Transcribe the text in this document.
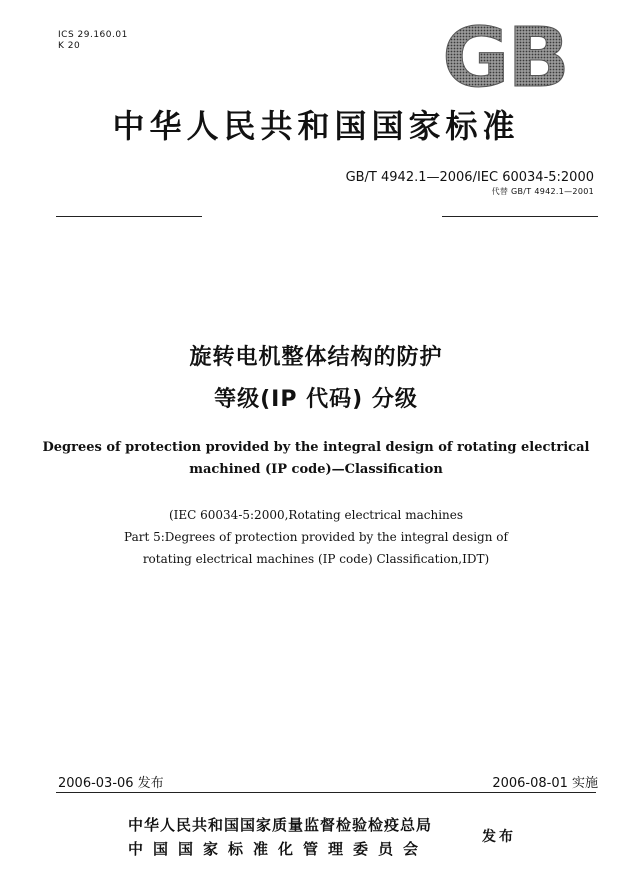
ICS 29.160.01
K 20	GB
中华人民共和国国家标准
GB/T 4942.1—2006/IEC 60034-5:2000
代替 GB/T 4942.1—2001
旋转电机整体结构的防护
等级(IP 代码) 分级
Degrees of protection provided by the integral design of rotating electrical
machined (IP code)—Classification
(IEC 60034-5:2000,Rotating electrical machines
Part 5:Degrees of protection provided by the integral design of
rotating electrical machines (IP code) Classification,IDT)
2006-03-06 发布	2006-08-01 实施
中华人民共和国国家质量监督检验检疫总局
中国国家标准化管理委员会
发布
